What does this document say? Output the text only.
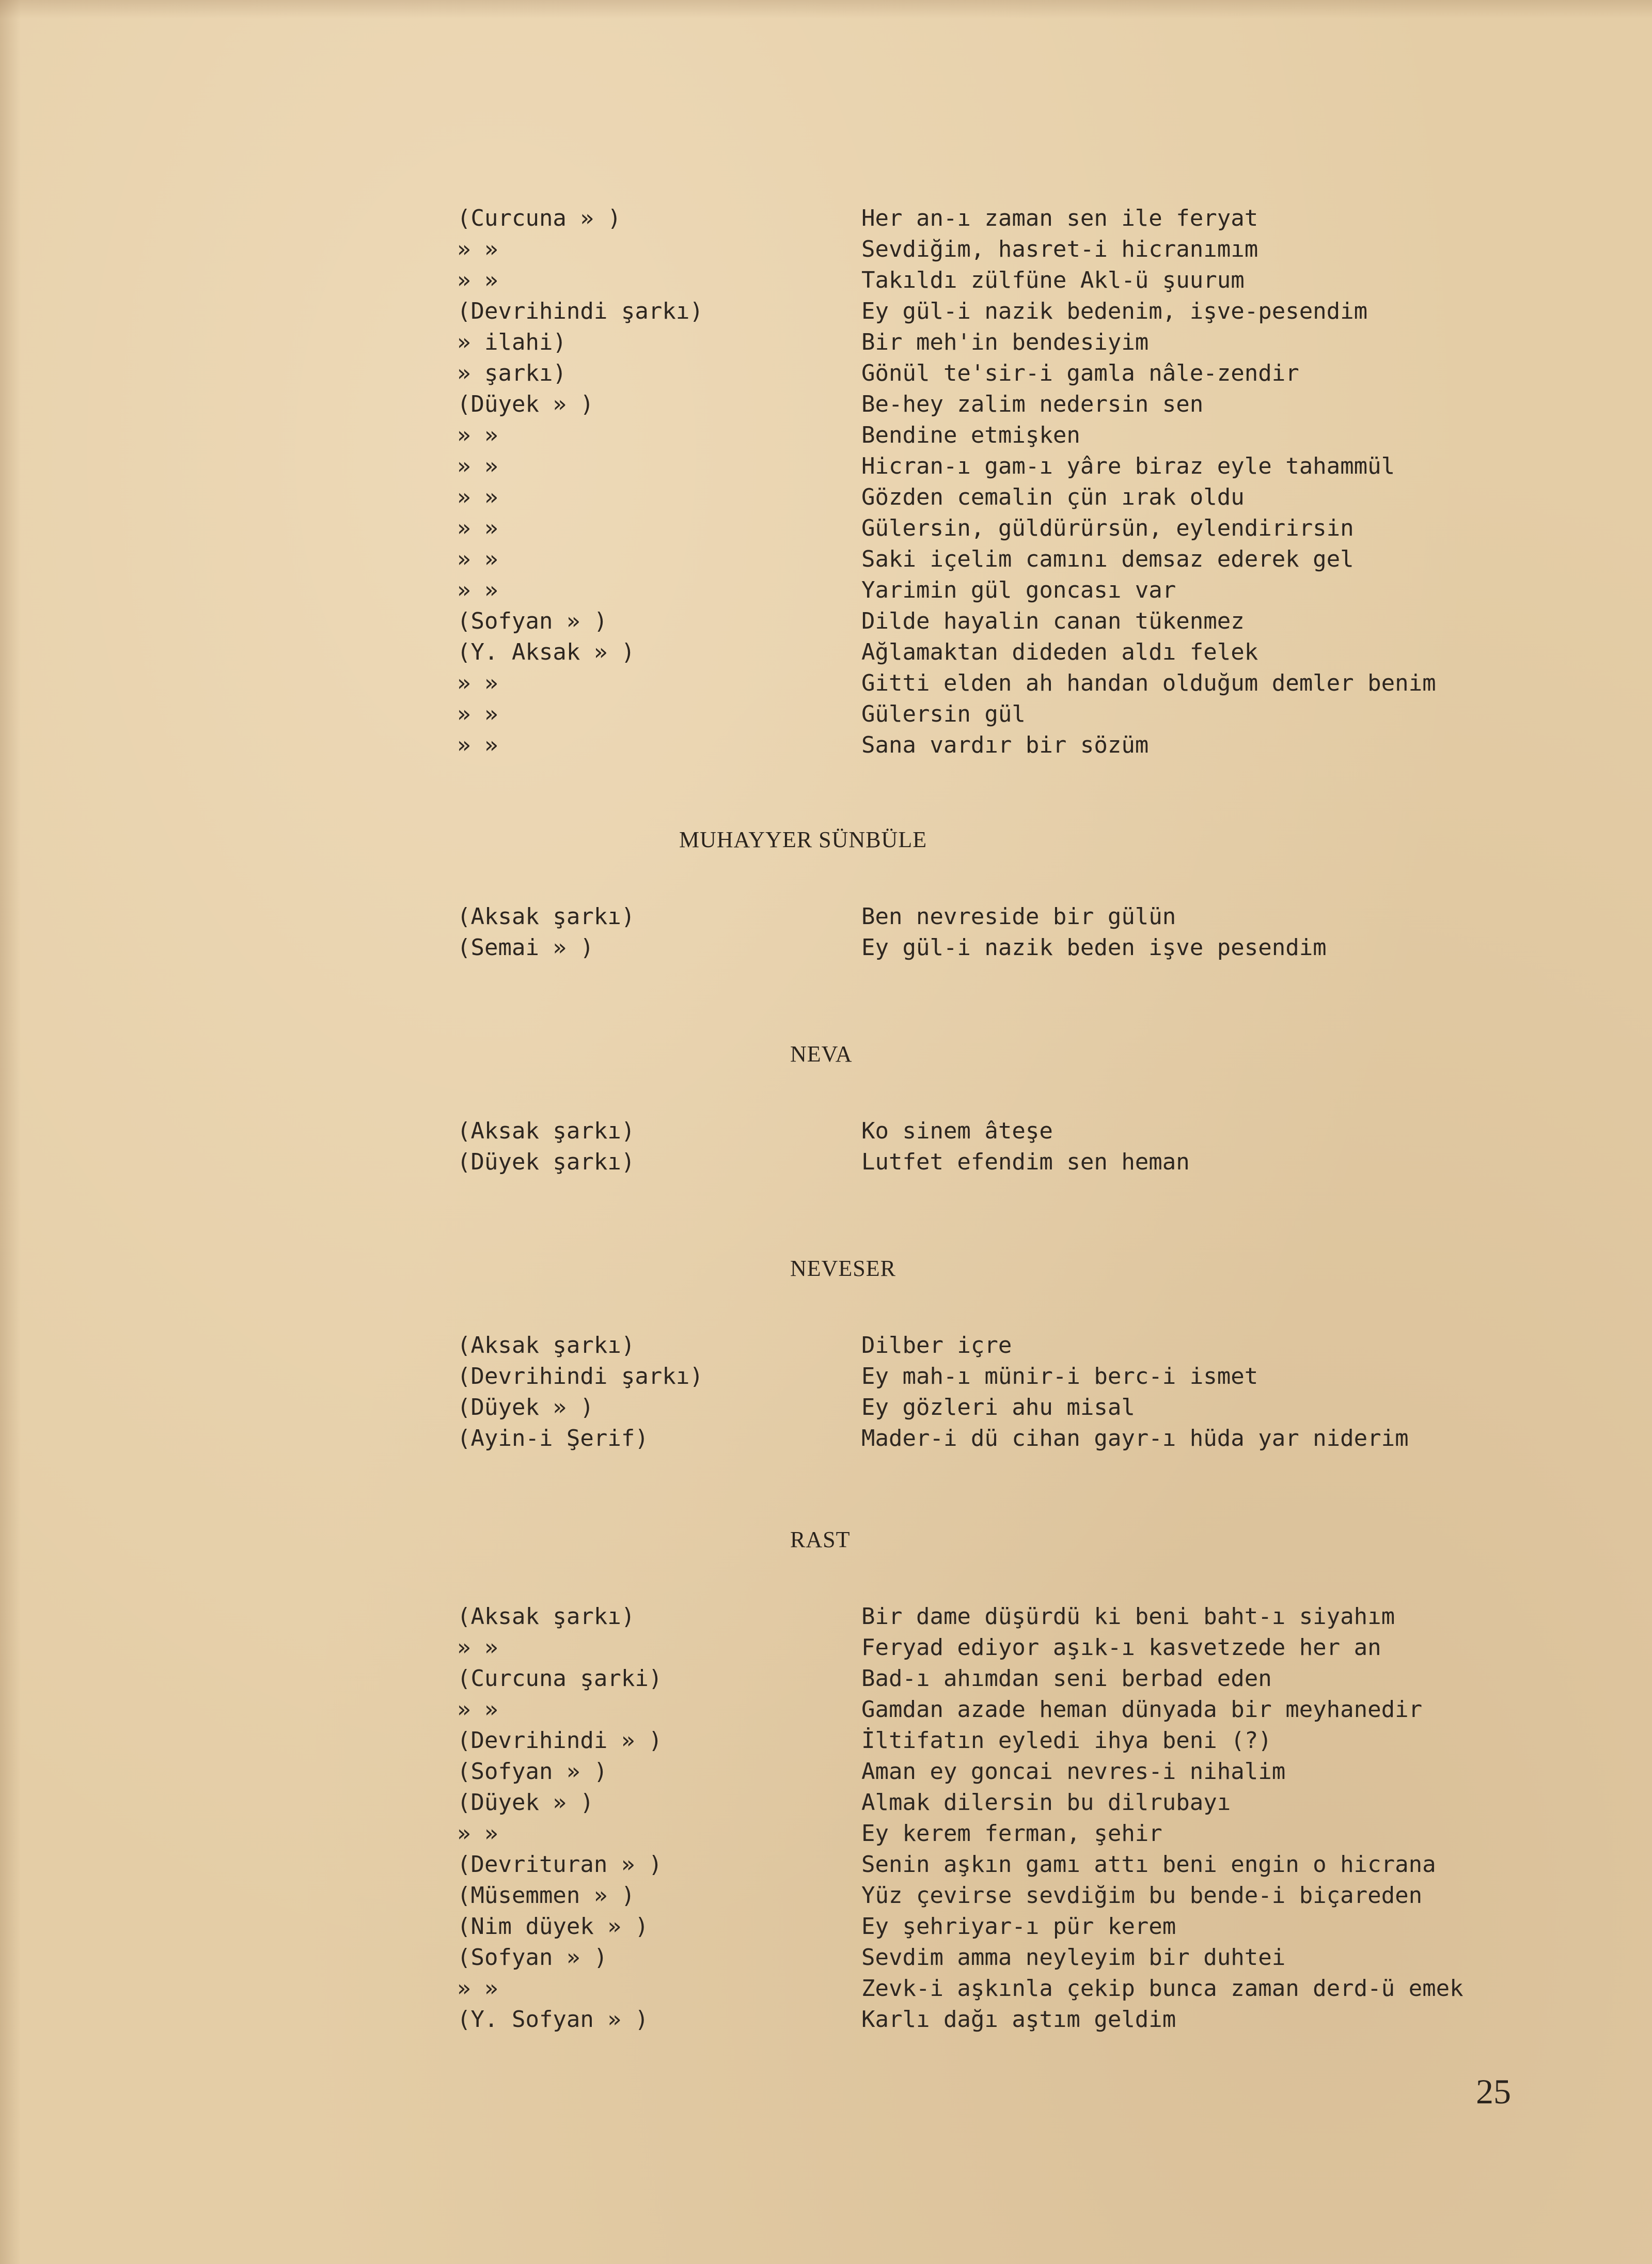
(Curcuna » )	Her an-ı zaman sen ile feryat
» »	Sevdiğim, hasret-i hicranımım
» »	Takıldı zülfüne Akl-ü şuurum
(Devrihindi şarkı)	Ey gül-i nazik bedenim, işve-pesendim
» ilahi)	Bir meh'in bendesiyim
» şarkı)	Gönül te'sir-i gamla nâle-zendir
(Düyek » )	Be-hey zalim nedersin sen
» »	Bendine etmişken
» »	Hicran-ı gam-ı yâre biraz eyle tahammül
» »	Gözden cemalin çün ırak oldu
» »	Gülersin, güldürürsün, eylendirirsin
» »	Saki içelim camını demsaz ederek gel
» »	Yarimin gül goncası var
(Sofyan » )	Dilde hayalin canan tükenmez
(Y. Aksak » )	Ağlamaktan dideden aldı felek
» »	Gitti elden ah handan olduğum demler benim
» »	Gülersin gül
» »	Sana vardır bir sözüm
MUHAYYER SÜNBÜLE
(Aksak şarkı)	Ben nevreside bir gülün
(Semai » )	Ey gül-i nazik beden işve pesendim
NEVA
(Aksak şarkı)	Ko sinem âteşe
(Düyek şarkı)	Lutfet efendim sen heman
NEVESER
(Aksak şarkı)	Dilber içre
(Devrihindi şarkı)	Ey mah-ı münir-i berc-i ismet
(Düyek » )	Ey gözleri ahu misal
(Ayin-i Şerif)	Mader-i dü cihan gayr-ı hüda yar niderim
RAST
(Aksak şarkı)	Bir dame düşürdü ki beni baht-ı siyahım
» »	Feryad ediyor aşık-ı kasvetzede her an
(Curcuna şarki)	Bad-ı ahımdan seni berbad eden
» »	Gamdan azade heman dünyada bir meyhanedir
(Devrihindi » )	İltifatın eyledi ihya beni (?)
(Sofyan » )	Aman ey goncai nevres-i nihalim
(Düyek » )	Almak dilersin bu dilrubayı
» »	Ey kerem ferman, şehir
(Devrituran » )	Senin aşkın gamı attı beni engin o hicrana
(Müsemmen » )	Yüz çevirse sevdiğim bu bende-i biçareden
(Nim düyek » )	Ey şehriyar-ı pür kerem
(Sofyan » )	Sevdim amma neyleyim bir duhtei
» »	Zevk-i aşkınla çekip bunca zaman derd-ü emek
(Y. Sofyan » )	Karlı dağı aştım geldim
25
